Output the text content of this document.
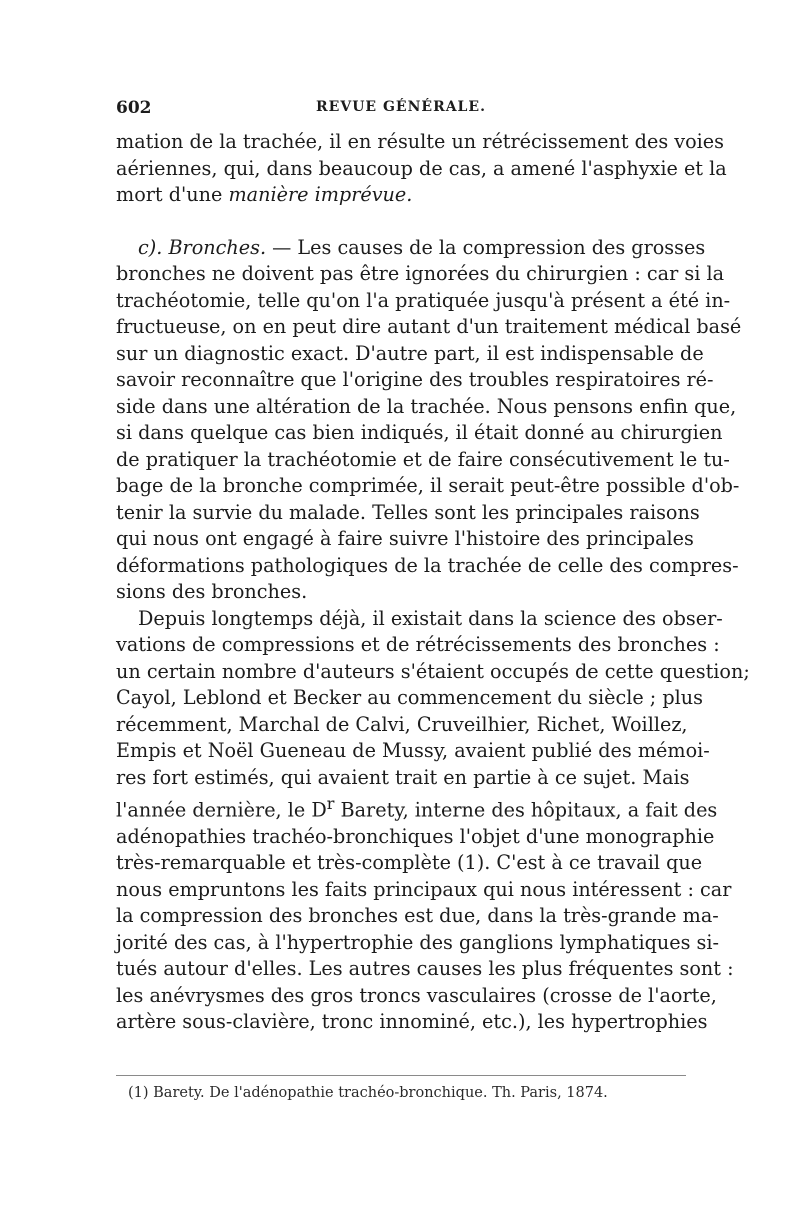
602	REVUE GÉNÉRALE.
mation de la trachée, il en résulte un rétrécissement des voies
aériennes, qui, dans beaucoup de cas, a amené l'asphyxie et la
mort d'une manière imprévue.
c). Bronches. — Les causes de la compression des grosses
bronches ne doivent pas être ignorées du chirurgien : car si la
trachéotomie, telle qu'on l'a pratiquée jusqu'à présent a été in-
fructueuse, on en peut dire autant d'un traitement médical basé
sur un diagnostic exact. D'autre part, il est indispensable de
savoir reconnaître que l'origine des troubles respiratoires ré-
side dans une altération de la trachée. Nous pensons enfin que,
si dans quelque cas bien indiqués, il était donné au chirurgien
de pratiquer la trachéotomie et de faire consécutivement le tu-
bage de la bronche comprimée, il serait peut-être possible d'ob-
tenir la survie du malade. Telles sont les principales raisons
qui nous ont engagé à faire suivre l'histoire des principales
déformations pathologiques de la trachée de celle des compres-
sions des bronches.
Depuis longtemps déjà, il existait dans la science des obser-
vations de compressions et de rétrécissements des bronches :
un certain nombre d'auteurs s'étaient occupés de cette question;
Cayol, Leblond et Becker au commencement du siècle ; plus
récemment, Marchal de Calvi, Cruveilhier, Richet, Woillez,
Empis et Noël Gueneau de Mussy, avaient publié des mémoi-
res fort estimés, qui avaient trait en partie à ce sujet. Mais
l'année dernière, le $D^r$ Barety, interne des hôpitaux, a fait des
adénopathies trachéo-bronchiques l'objet d'une monographie
très-remarquable et très-complète (1). C'est à ce travail que
nous empruntons les faits principaux qui nous intéressent : car
la compression des bronches est due, dans la très-grande ma-
jorité des cas, à l'hypertrophie des ganglions lymphatiques si-
tués autour d'elles. Les autres causes les plus fréquentes sont :
les anévrysmes des gros troncs vasculaires (crosse de l'aorte,
artère sous-clavière, tronc innominé, etc.), les hypertrophies
(1) Barety. De l'adénopathie trachéo-bronchique. Th. Paris, 1874.
